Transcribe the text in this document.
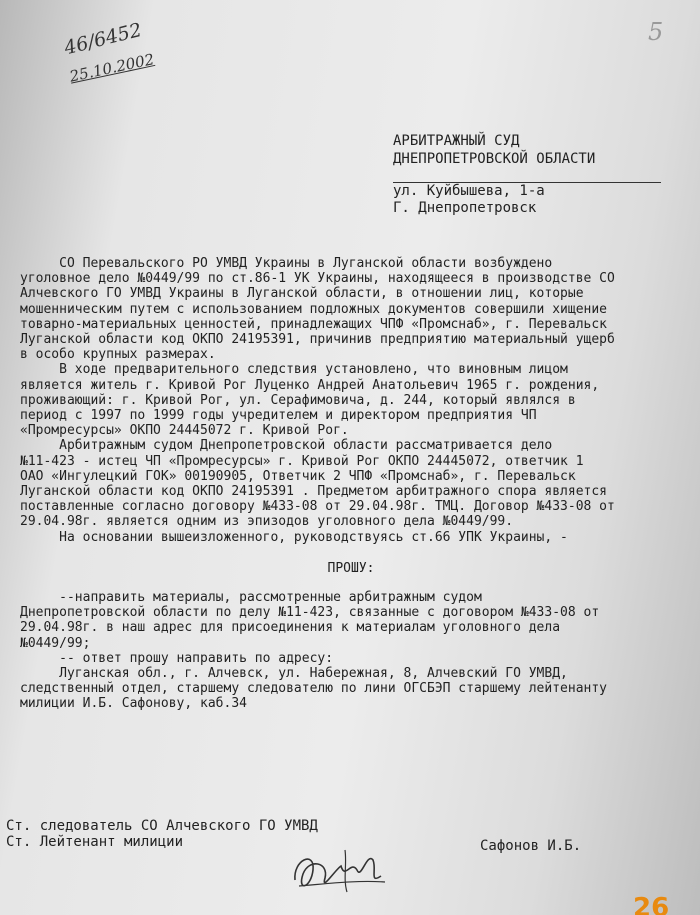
46/6452
25.10.2002
5
АРБИТРАЖНЫЙ СУД
ДНЕПРОПЕТРОВСКОЙ ОБЛАСТИ
ул. Куйбышева, 1-а
Г. Днепропетровск
СО Перевальского РО УМВД Украины в Луганской области возбуждено
уголовное дело №0449/99 по ст.86-1 УК Украины, находящееся в производстве СО
Алчевского ГО УМВД Украины в Луганской области, в отношении лиц, которые
мошенническим путем с использованием подложных документов совершили хищение
товарно-материальных ценностей, принадлежащих ЧПФ «Промснаб», г. Перевальск
Луганской области код ОКПО 24195391, причинив предприятию материальный ущерб
в особо крупных размерах.
В ходе предварительного следствия установлено, что виновным лицом
является житель г. Кривой Рог Луценко Андрей Анатольевич 1965 г. рождения,
проживающий: г. Кривой Рог, ул. Серафимовича, д. 244, который являлся в
период с 1997 по 1999 годы учредителем и директором предприятия ЧП
«Промресурсы» ОКПО 24445072 г. Кривой Рог.
Арбитражным судом Днепропетровской области рассматривается дело
№11-423 - истец ЧП «Промресурсы» г. Кривой Рог ОКПО 24445072, ответчик 1
ОАО «Ингулецкий ГОК» 00190905, Ответчик 2 ЧПФ «Промснаб», г. Перевальск
Луганской области код ОКПО 24195391 . Предметом арбитражного спора является
поставленные согласно договору №433-08 от 29.04.98г. ТМЦ. Договор №433-08 от
29.04.98г. является одним из эпизодов уголовного дела №0449/99.
На основании вышеизложенного, руководствуясь ст.66 УПК Украины, -
ПРОШУ:
--направить материалы, рассмотренные арбитражным судом
Днепропетровской области по делу №11-423, связанные с договором №433-08 от
29.04.98г. в наш адрес для присоединения к материалам уголовного дела
№0449/99;
-- ответ прошу направить по адресу:
Луганская обл., г. Алчевск, ул. Набережная, 8, Алчевский ГО УМВД,
следственный отдел, старшему следователю по лини ОГСБЭП старшему лейтенанту
милиции И.Б. Сафонову, каб.34
Ст. следователь СО Алчевского ГО УМВД
Ст. Лейтенант милиции	Сафонов И.Б.
26
